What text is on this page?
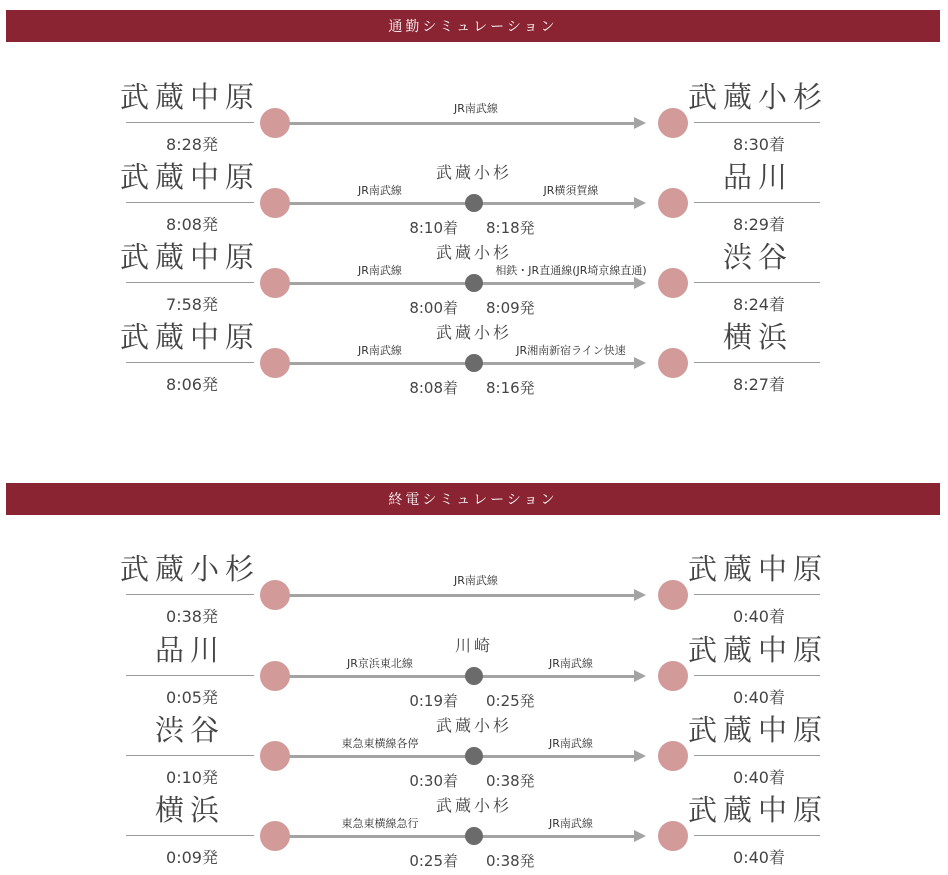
通勤シミュレーション
武蔵中原
8:28発
JR南武線	武蔵小杉
8:30着
武蔵中原
8:08発
武蔵小杉
JR南武線	JR横須賀線
8:10着 8:18発
品川
8:29着
武蔵中原
7:58発
武蔵小杉
JR南武線	相鉄・JR直通線(JR埼京線直通)
8:00着 8:09発
渋谷
8:24着
武蔵中原
8:06発
武蔵小杉
JR南武線	JR湘南新宿ライン快速
8:08着 8:16発
横浜
8:27着
終電シミュレーション
武蔵小杉
0:38発
JR南武線	武蔵中原
0:40着
品川
0:05発
川崎
JR京浜東北線	JR南武線
0:19着 0:25発
武蔵中原
0:40着
渋谷
0:10発
武蔵小杉
東急東横線各停	JR南武線
0:30着 0:38発
武蔵中原
0:40着
横浜
0:09発
武蔵小杉
東急東横線急行	JR南武線
0:25着 0:38発
武蔵中原
0:40着
